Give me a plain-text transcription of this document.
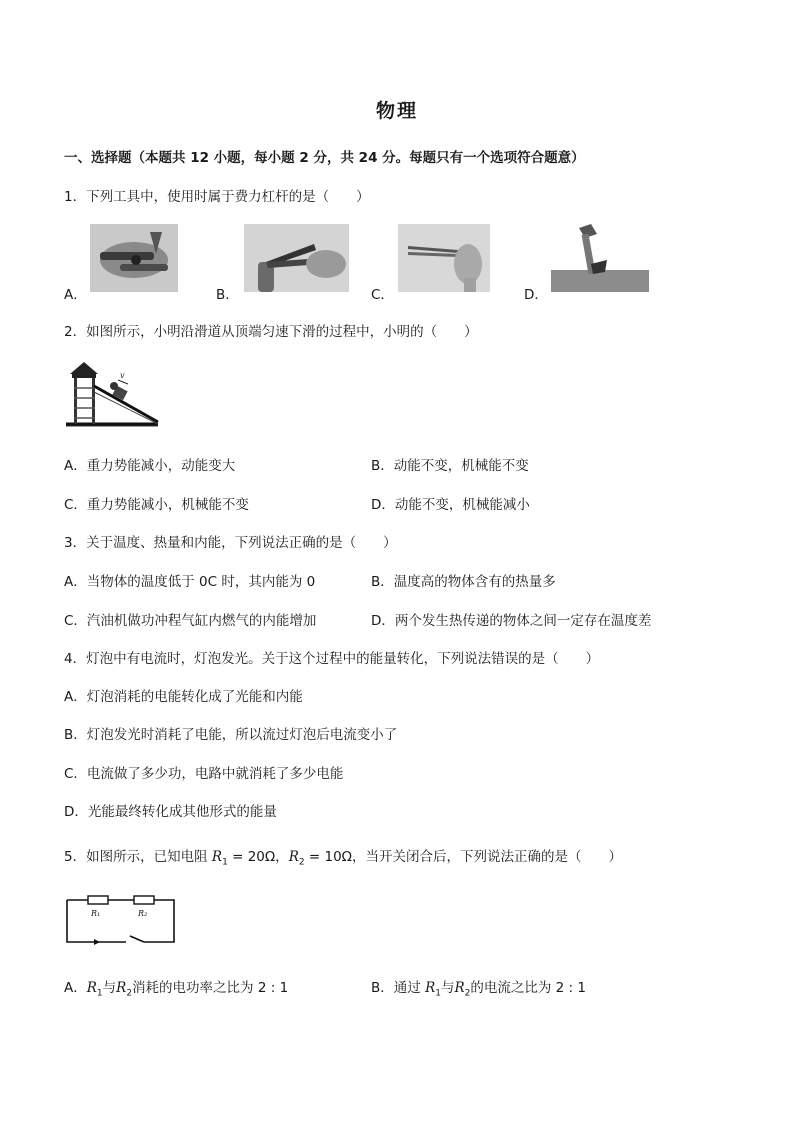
物理
一、选择题（本题共 12 小题，每小题 2 分，共 24 分。每题只有一个选项符合题意）
1．下列工具中，使用时属于费力杠杆的是（　　）
A．	B．	C．	D．
2．如图所示，小明沿滑道从顶端匀速下滑的过程中，小明的（　　）
v
A．重力势能减小，动能变大	B．动能不变，机械能不变
C．重力势能减小，机械能不变	D．动能不变，机械能减小
3．关于温度、热量和内能，下列说法正确的是（　　）
A．当物体的温度低于 0C 时，其内能为 0	B．温度高的物体含有的热量多
C．汽油机做功冲程气缸内燃气的内能增加	D．两个发生热传递的物体之间一定存在温度差
4．灯泡中有电流时，灯泡发光。关于这个过程中的能量转化，下列说法错误的是（　　）
A．灯泡消耗的电能转化成了光能和内能
B．灯泡发光时消耗了电能，所以流过灯泡后电流变小了
C．电流做了多少功，电路中就消耗了多少电能
D．光能最终转化成其他形式的能量
5．如图所示，已知电阻 $R_1 = 20\Omega$，$R_2 = 10\Omega$，当开关闭合后，下列说法正确的是（　　）
R₁	R₂
A．$R_1$与$R_2$消耗的电功率之比为 2 : 1	B．通过 $R_1$与$R_2$的电流之比为 2 : 1
